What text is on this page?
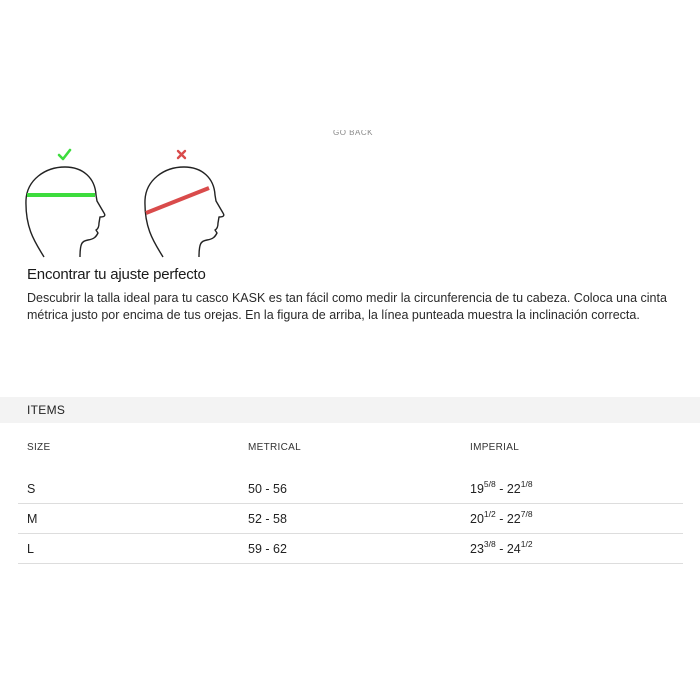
GO BACK
Encontrar tu ajuste perfecto

Descubrir la talla ideal para tu casco KASK es tan fácil como medir la circunferencia de tu cabeza. Coloca una cinta métrica justo por encima de tus orejas. En la figura de arriba, la línea punteada muestra la inclinación correcta.

ITEMS
SIZE	METRICAL	IMPERIAL
S	50 - 56	$19^{5/8} - 22^{1/8}$
M	52 - 58	$20^{1/2} - 22^{7/8}$
L	59 - 62	$23^{3/8} - 24^{1/2}$
